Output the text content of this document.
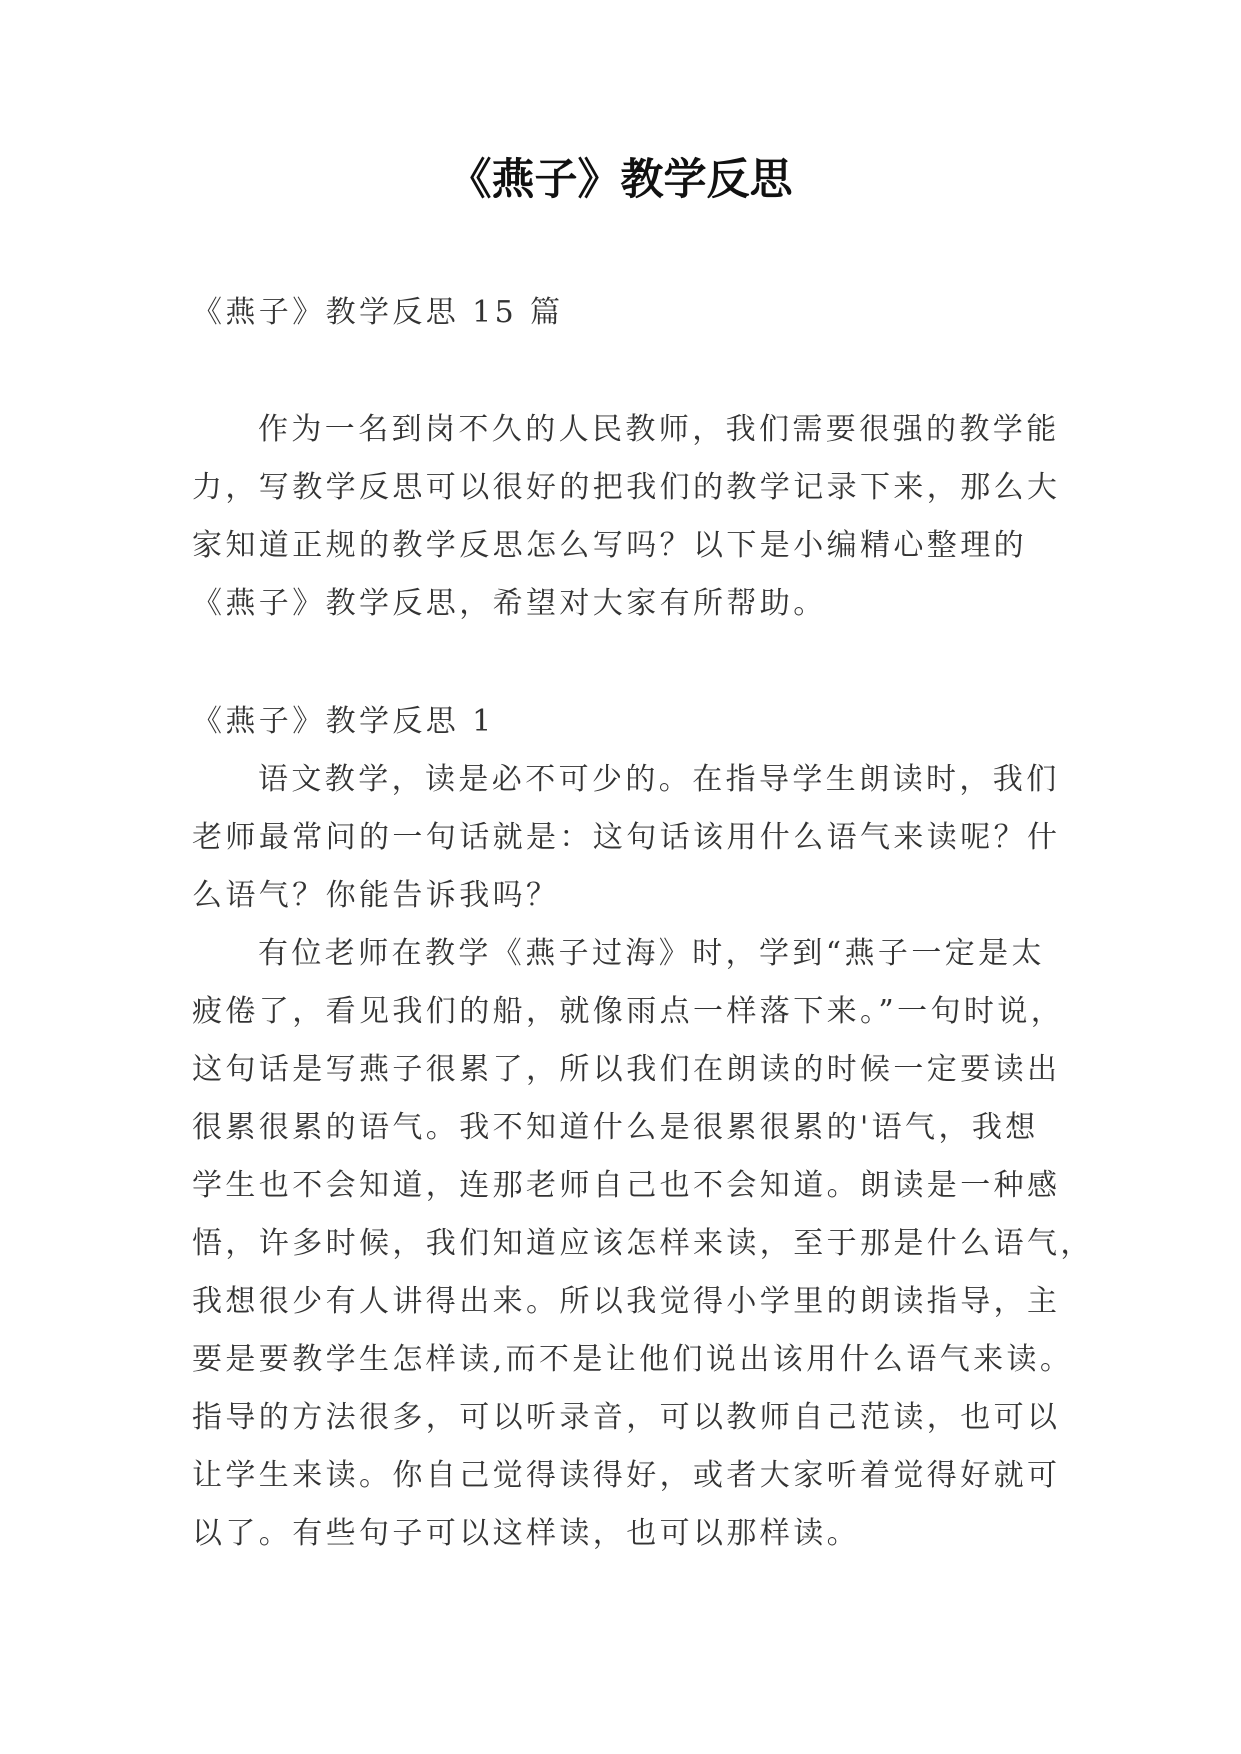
《燕子》教学反思
《燕子》教学反思 15 篇
作为一名到岗不久的人民教师，我们需要很强的教学能
力，写教学反思可以很好的把我们的教学记录下来，那么大
家知道正规的教学反思怎么写吗？以下是小编精心整理的
《燕子》教学反思，希望对大家有所帮助。
《燕子》教学反思 1
语文教学，读是必不可少的。在指导学生朗读时，我们
老师最常问的一句话就是：这句话该用什么语气来读呢？什
么语气？你能告诉我吗？
有位老师在教学《燕子过海》时，学到“燕子一定是太
疲倦了，看见我们的船，就像雨点一样落下来。”一句时说，
这句话是写燕子很累了，所以我们在朗读的时候一定要读出
很累很累的语气。我不知道什么是很累很累的'语气，我想
学生也不会知道，连那老师自己也不会知道。朗读是一种感
悟，许多时候，我们知道应该怎样来读，至于那是什么语气，
我想很少有人讲得出来。所以我觉得小学里的朗读指导，主
要是要教学生怎样读,而不是让他们说出该用什么语气来读。
指导的方法很多，可以听录音，可以教师自己范读，也可以
让学生来读。你自己觉得读得好，或者大家听着觉得好就可
以了。有些句子可以这样读，也可以那样读。
